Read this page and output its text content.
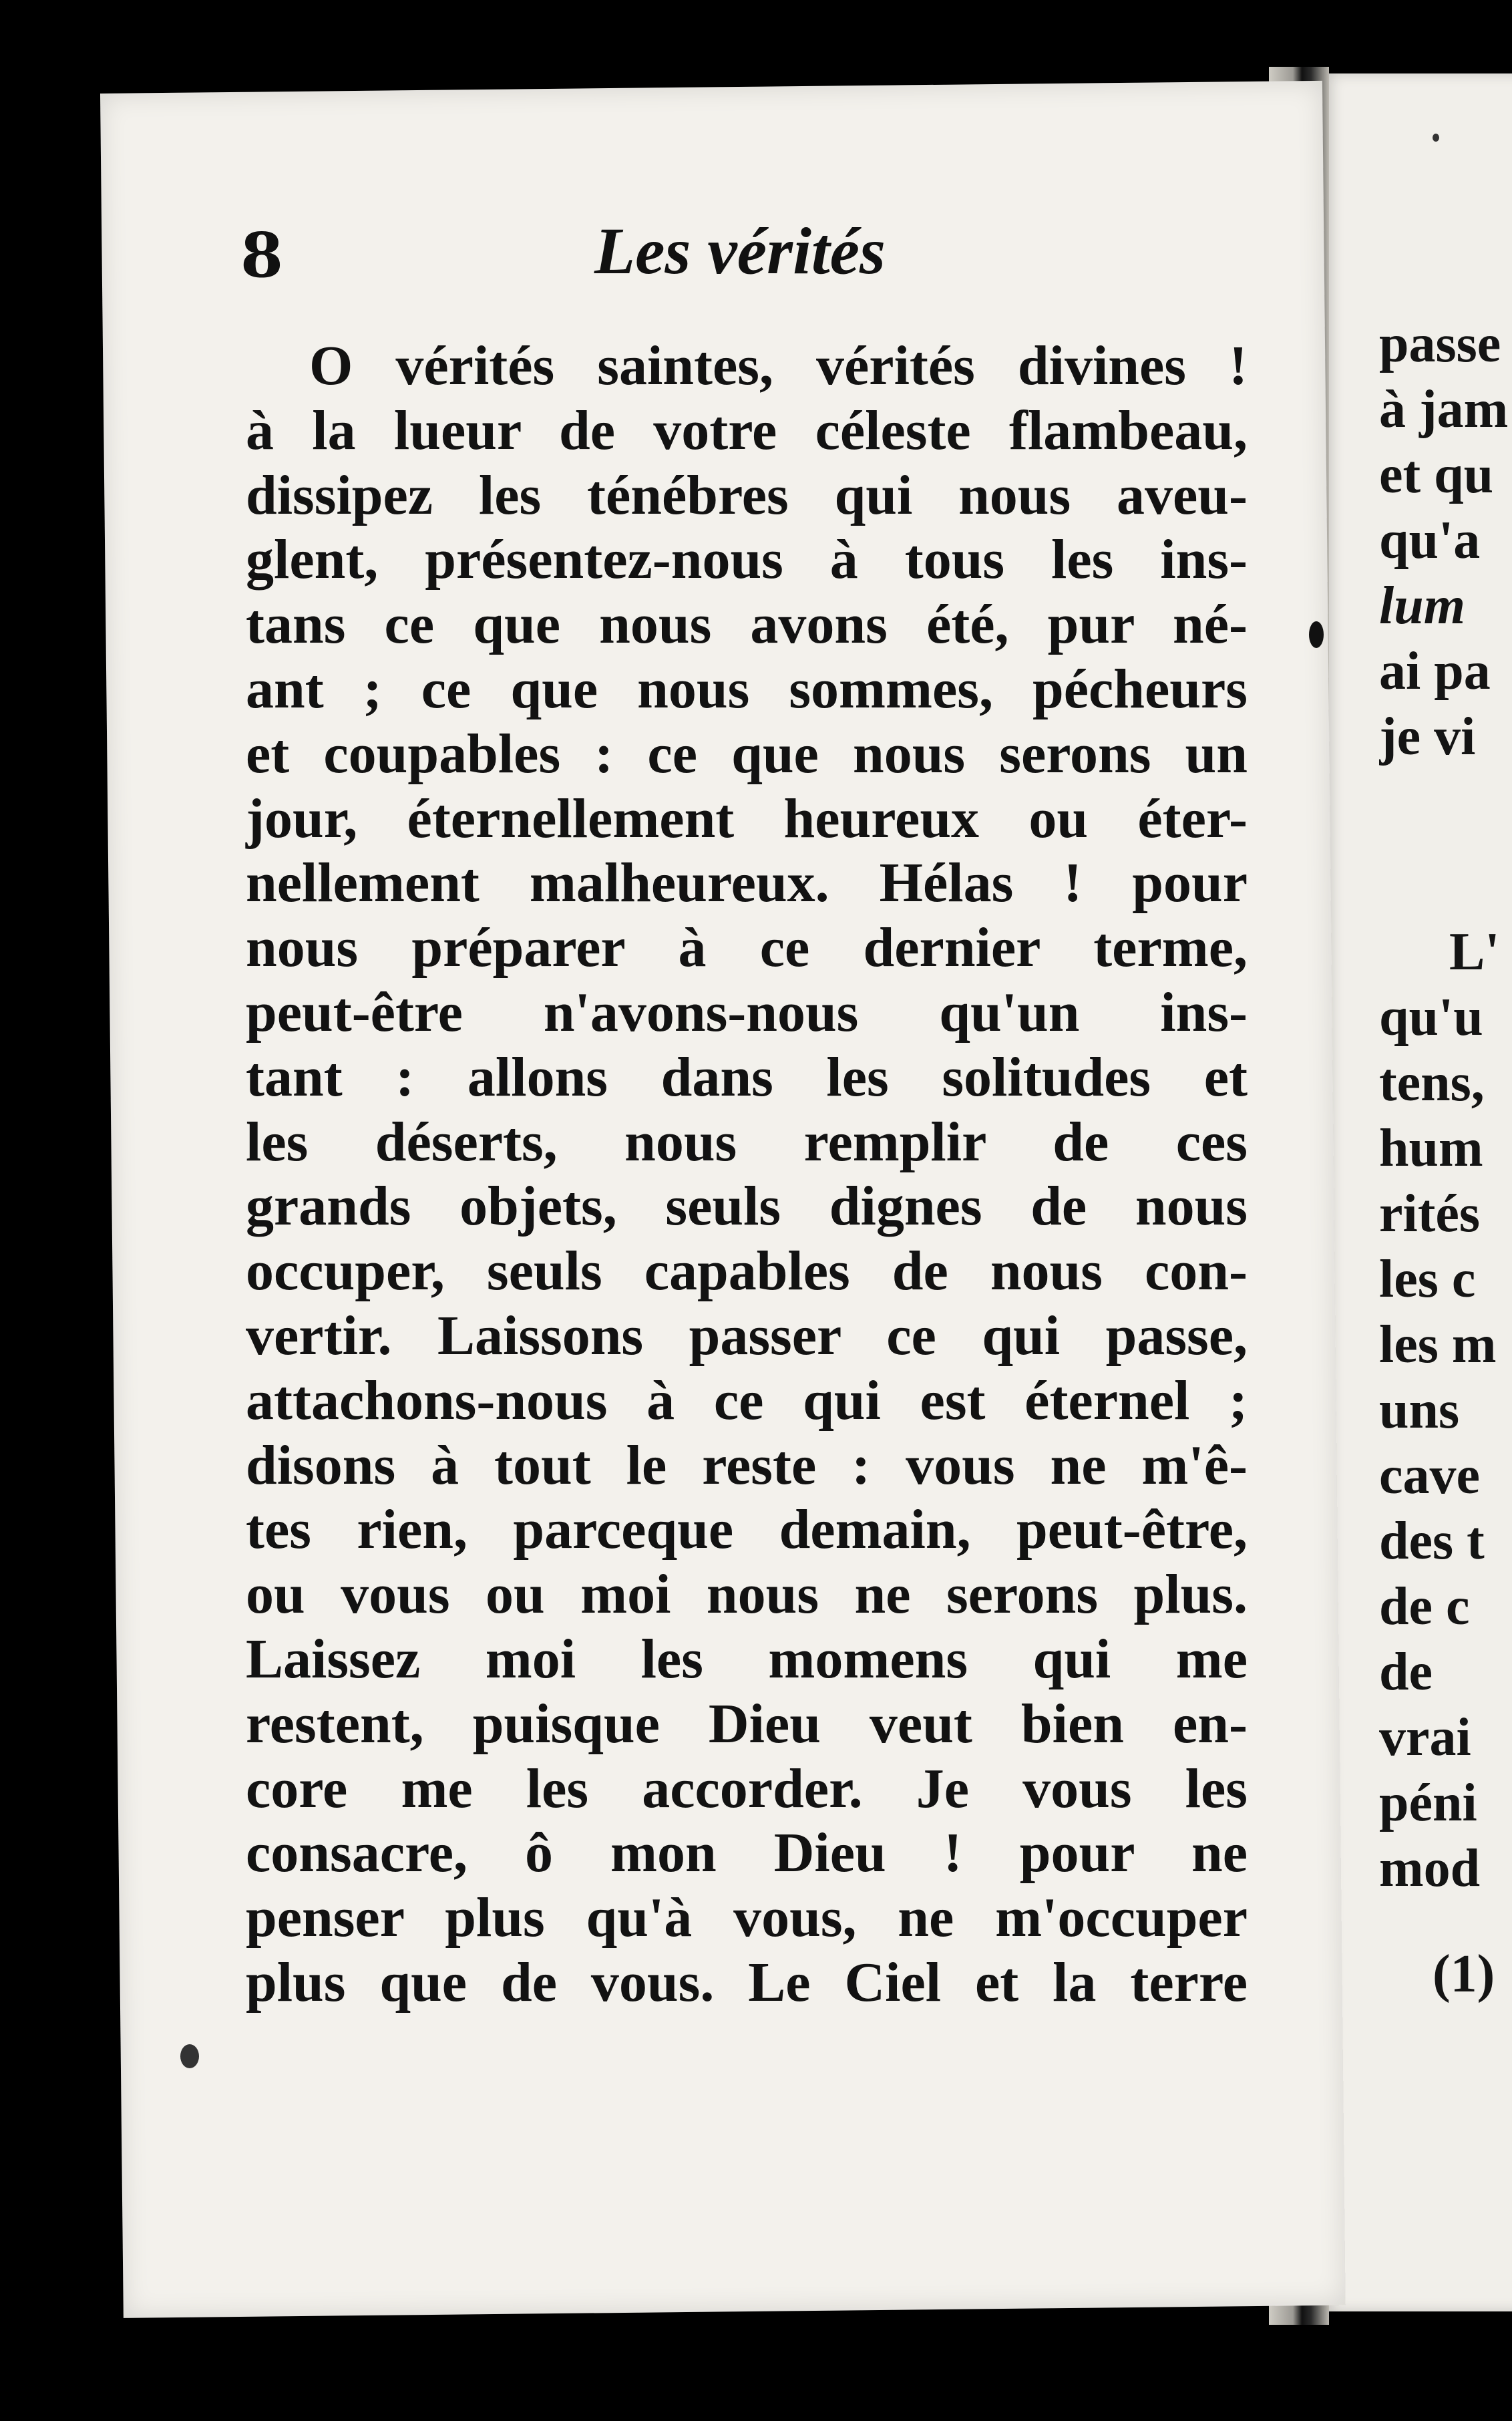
8	Les vérités
O vérités saintes, vérités divines !
à la lueur de votre céleste flambeau,
dissipez les ténébres qui nous aveu-
glent, présentez-nous à tous les ins-
tans ce que nous avons été, pur né-
ant ; ce que nous sommes, pécheurs
et coupables : ce que nous serons un
jour, éternellement heureux ou éter-
nellement malheureux. Hélas ! pour
nous préparer à ce dernier terme,
peut-être n'avons-nous qu'un ins-
tant : allons dans les solitudes et
les déserts, nous remplir de ces
grands objets, seuls dignes de nous
occuper, seuls capables de nous con-
vertir. Laissons passer ce qui passe,
attachons-nous à ce qui est éternel ;
disons à tout le reste : vous ne m'ê-
tes rien, parceque demain, peut-être,
ou vous ou moi nous ne serons plus.
Laissez moi les momens qui me
restent, puisque Dieu veut bien en-
core me les accorder. Je vous les
consacre, ô mon Dieu ! pour ne
penser plus qu'à vous, ne m'occuper
plus que de vous. Le Ciel et la terre
passe
à jam
et qu
qu'a
lum
ai pa
je vi
L'
qu'u
tens,
hum
rités
les c
les m
uns
cave
des t
de c
de
vrai
péni
mod
(1)
